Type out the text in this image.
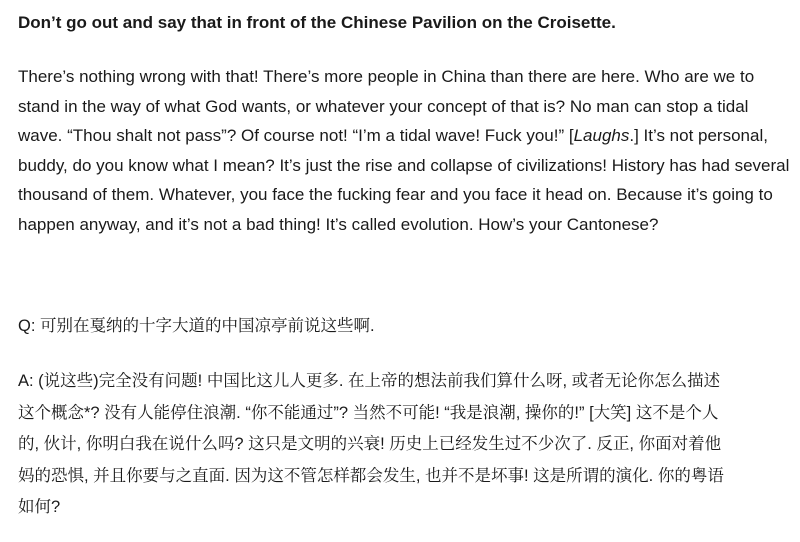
Don’t go out and say that in front of the Chinese Pavilion on the Croisette.
There’s nothing wrong with that! There’s more people in China than there are here. Who are we to stand in the way of what God wants, or whatever your concept of that is? No man can stop a tidal wave. “Thou shalt not pass”? Of course not! “I’m a tidal wave! Fuck you!” [Laughs.] It’s not personal, buddy, do you know what I mean? It’s just the rise and collapse of civilizations! History has had several thousand of them. Whatever, you face the fucking fear and you face it head on. Because it’s going to happen anyway, and it’s not a bad thing! It’s called evolution. How’s your Cantonese?
Q: 可别在戛纳的十字大道的中国凉亭前说这些啊.
A: (说这些)完全没有问题! 中国比这儿人更多. 在上帝的想法前我们算什么呀, 或者无论你怎么描述
这个概念*? 没有人能停住浪潮. “你不能通过”? 当然不可能! “我是浪潮, 操你的!” [大笑] 这不是个人
的, 伙计, 你明白我在说什么吗? 这只是文明的兴衰! 历史上已经发生过不少次了. 反正, 你面对着他
妈的恐惧, 并且你要与之直面. 因为这不管怎样都会发生, 也并不是坏事! 这是所谓的演化. 你的粤语
如何?
